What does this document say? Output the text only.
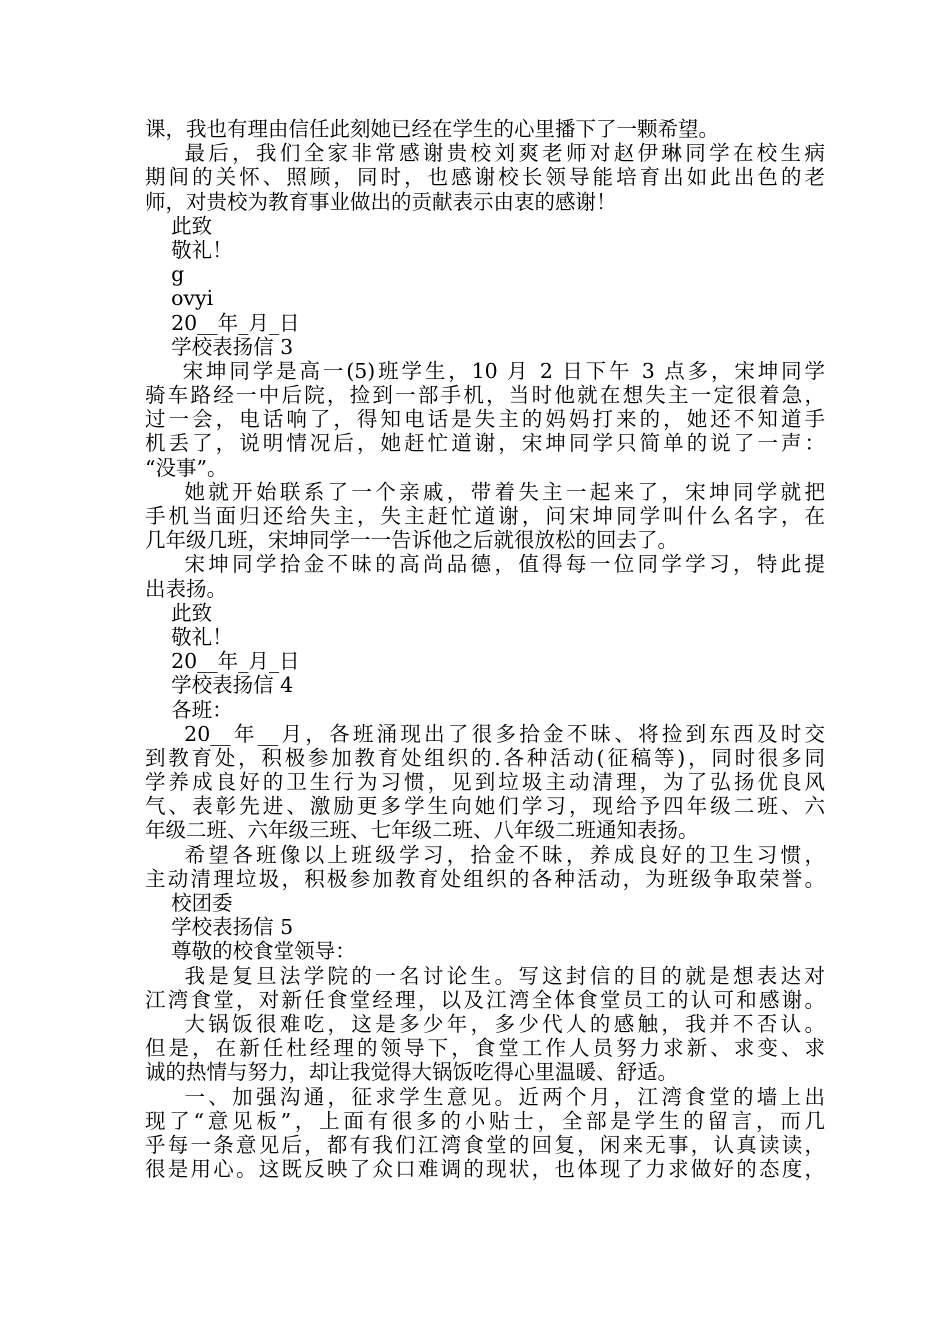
课，我也有理由信任此刻她已经在学生的心里播下了一颗希望。
最后，我们全家非常感谢贵校刘爽老师对赵伊琳同学在校生病
期间的关怀、照顾，同时，也感谢校长领导能培育出如此出色的老
师，对贵校为教育事业做出的贡献表示由衷的感谢！
此致
敬礼！
g
ovyi
20__年_月_日
学校表扬信 3
宋坤同学是高一(5)班学生，10 月 2 日下午 3 点多，宋坤同学
骑车路经一中后院，捡到一部手机，当时他就在想失主一定很着急，
过一会，电话响了，得知电话是失主的妈妈打来的，她还不知道手
机丢了，说明情况后，她赶忙道谢，宋坤同学只简单的说了一声：
“没事”。
她就开始联系了一个亲戚，带着失主一起来了，宋坤同学就把
手机当面归还给失主，失主赶忙道谢，问宋坤同学叫什么名字，在
几年级几班，宋坤同学一一告诉他之后就很放松的回去了。
宋坤同学拾金不昧的高尚品德，值得每一位同学学习，特此提
出表扬。
此致
敬礼！
20__年_月_日
学校表扬信 4
各班：
20__年__月，各班涌现出了很多拾金不昧、将捡到东西及时交
到教育处，积极参加教育处组织的.各种活动(征稿等)，同时很多同
学养成良好的卫生行为习惯，见到垃圾主动清理，为了弘扬优良风
气、表彰先进、激励更多学生向她们学习，现给予四年级二班、六
年级二班、六年级三班、七年级二班、八年级二班通知表扬。
希望各班像以上班级学习，拾金不昧，养成良好的卫生习惯，
主动清理垃圾，积极参加教育处组织的各种活动，为班级争取荣誉。
校团委
学校表扬信 5
尊敬的校食堂领导：
我是复旦法学院的一名讨论生。写这封信的目的就是想表达对
江湾食堂，对新任食堂经理，以及江湾全体食堂员工的认可和感谢。
大锅饭很难吃，这是多少年，多少代人的感触，我并不否认。
但是，在新任杜经理的领导下，食堂工作人员努力求新、求变、求
诚的热情与努力，却让我觉得大锅饭吃得心里温暖、舒适。
一、加强沟通，征求学生意见。近两个月，江湾食堂的墙上出
现了“意见板”，上面有很多的小贴士，全部是学生的留言，而几
乎每一条意见后，都有我们江湾食堂的回复，闲来无事，认真读读，
很是用心。这既反映了众口难调的现状，也体现了力求做好的态度，
